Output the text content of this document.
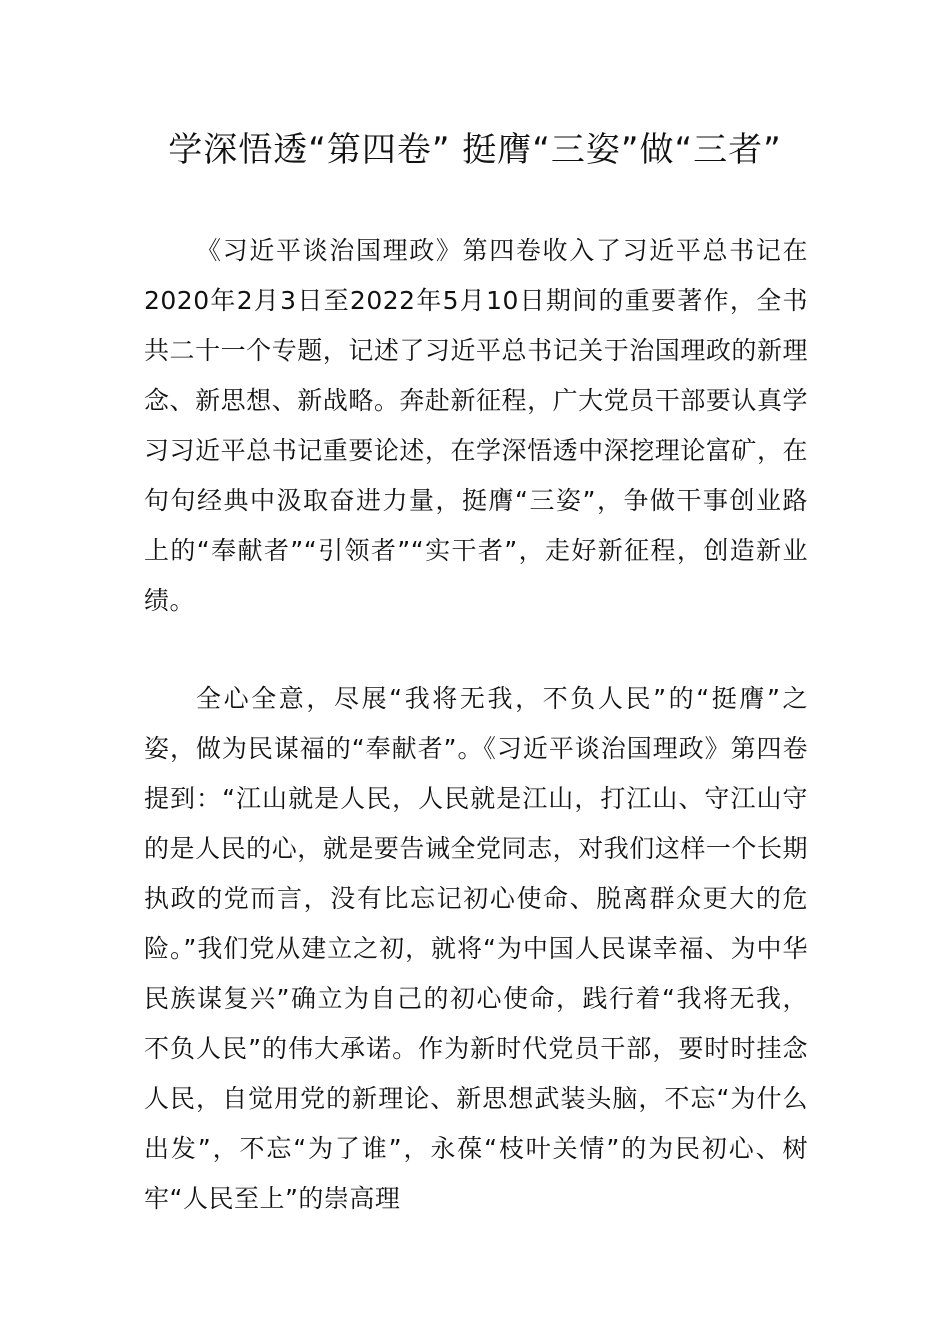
学深悟透“第四卷” 挺膺“三姿”做“三者”

《习近平谈治国理政》第四卷收入了习近平总书记在2020年2月3日至2022年5月10日期间的重要著作，全书共二十一个专题，记述了习近平总书记关于治国理政的新理念、新思想、新战略。奔赴新征程，广大党员干部要认真学习习近平总书记重要论述，在学深悟透中深挖理论富矿，在句句经典中汲取奋进力量，挺膺“三姿”，争做干事创业路上的“奉献者”“引领者”“实干者”，走好新征程，创造新业绩。

全心全意，尽展“我将无我，不负人民”的“挺膺”之姿，做为民谋福的“奉献者”。《习近平谈治国理政》第四卷提到：“江山就是人民，人民就是江山，打江山、守江山守的是人民的心，就是要告诫全党同志，对我们这样一个长期执政的党而言，没有比忘记初心使命、脱离群众更大的危险。”我们党从建立之初，就将“为中国人民谋幸福、为中华民族谋复兴”确立为自己的初心使命，践行着“我将无我，不负人民”的伟大承诺。作为新时代党员干部，要时时挂念人民，自觉用党的新理论、新思想武装头脑，不忘“为什么出发”，不忘“为了谁”，永葆“枝叶关情”的为民初心、树牢“人民至上”的崇高理
